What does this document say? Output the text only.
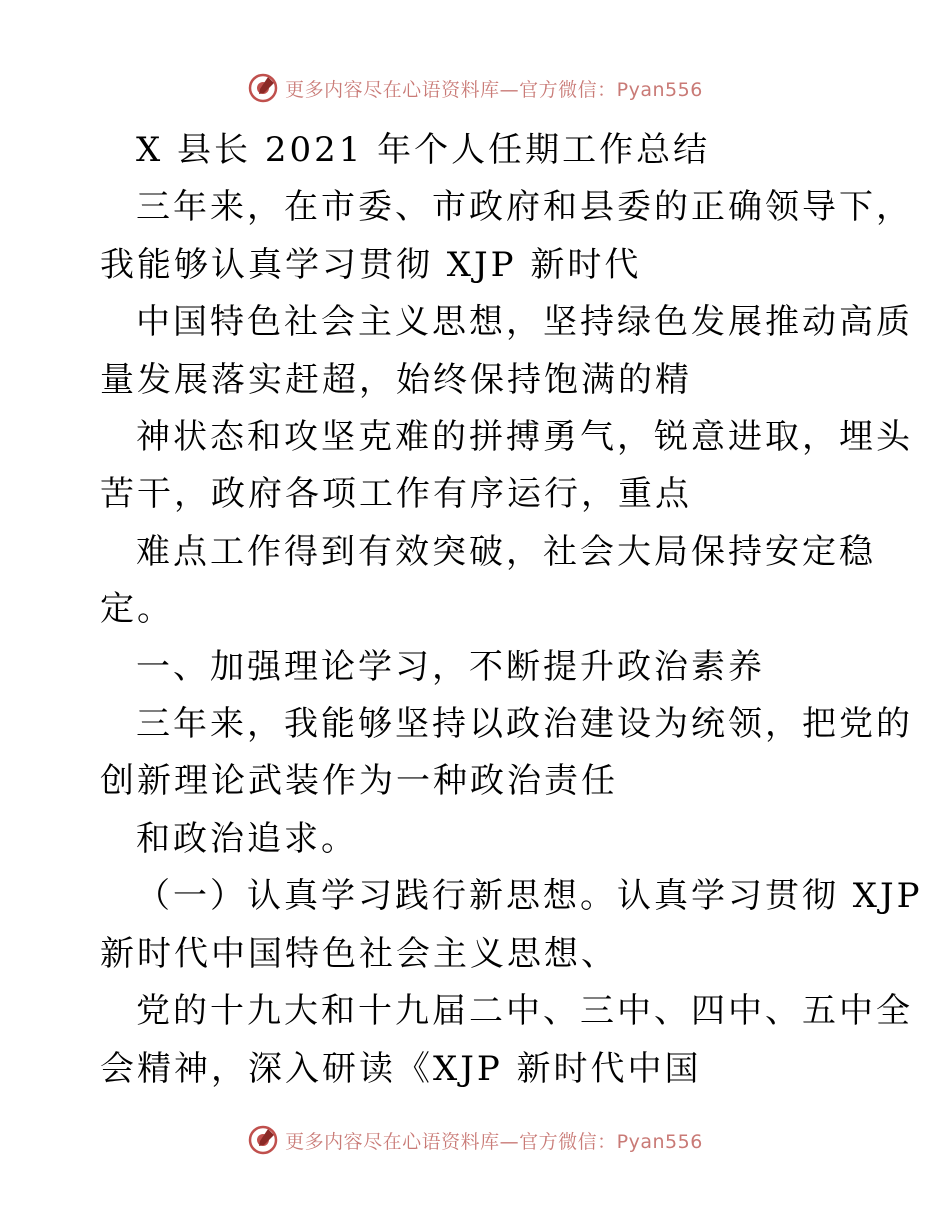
更多内容尽在心语资料库—官方微信：Pyan556

X 县长 2021 年个人任期工作总结

三年来，在市委、市政府和县委的正确领导下，

我能够认真学习贯彻 XJP 新时代

中国特色社会主义思想，坚持绿色发展推动高质

量发展落实赶超，始终保持饱满的精

神状态和攻坚克难的拼搏勇气，锐意进取，埋头

苦干，政府各项工作有序运行，重点

难点工作得到有效突破，社会大局保持安定稳

定。

一、加强理论学习，不断提升政治素养

三年来，我能够坚持以政治建设为统领，把党的

创新理论武装作为一种政治责任

和政治追求。

（一）认真学习践行新思想。认真学习贯彻 XJP

新时代中国特色社会主义思想、

党的十九大和十九届二中、三中、四中、五中全

会精神，深入研读《XJP 新时代中国

更多内容尽在心语资料库—官方微信：Pyan556
